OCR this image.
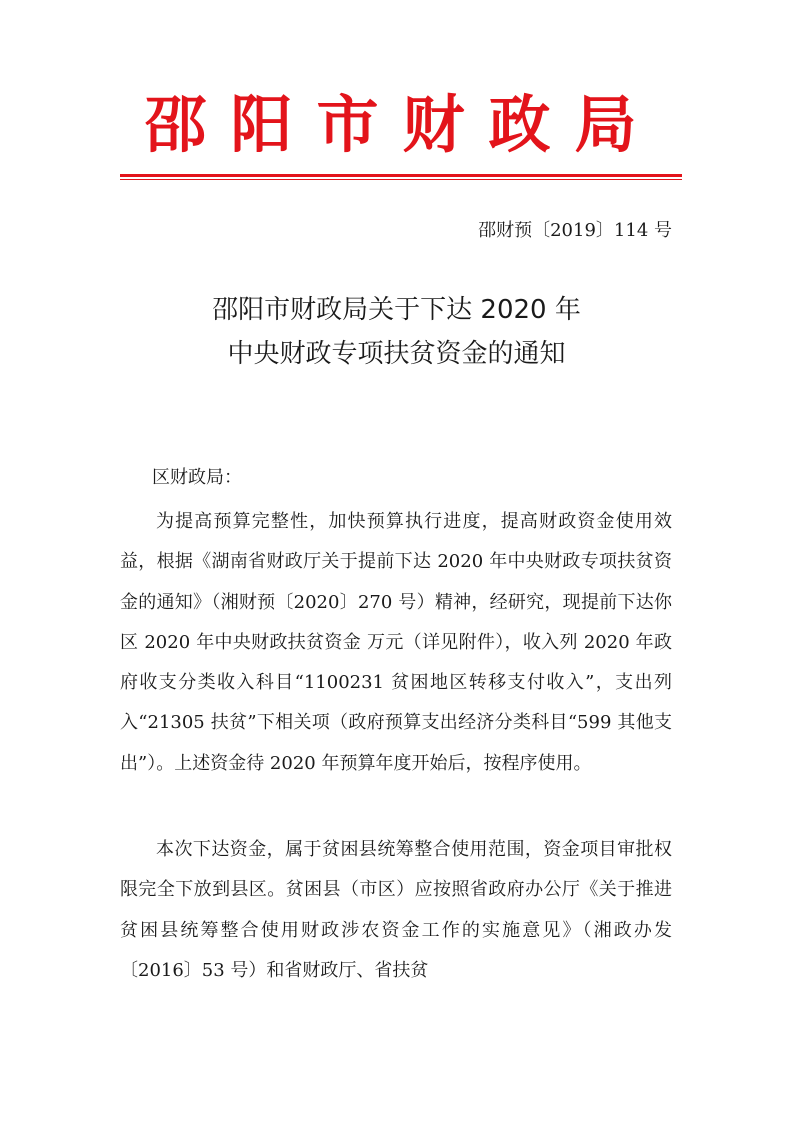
邵阳市财政局
邵财预〔2019〕114 号
邵阳市财政局关于下达 2020 年
中央财政专项扶贫资金的通知
区财政局：
为提高预算完整性，加快预算执行进度，提高财政资金使用效益，根据《湖南省财政厅关于提前下达 2020 年中央财政专项扶贫资金的通知》（湘财预〔2020〕270 号）精神，经研究，现提前下达你区 2020 年中央财政扶贫资金 万元（详见附件），收入列 2020 年政府收支分类收入科目“1100231 贫困地区转移支付收入”，支出列入“21305 扶贫”下相关项（政府预算支出经济分类科目“599 其他支出”）。上述资金待 2020 年预算年度开始后，按程序使用。
本次下达资金，属于贫困县统筹整合使用范围，资金项目审批权限完全下放到县区。贫困县（市区）应按照省政府办公厅《关于推进贫困县统筹整合使用财政涉农资金工作的实施意见》（湘政办发〔2016〕53 号）和省财政厅、省扶贫
